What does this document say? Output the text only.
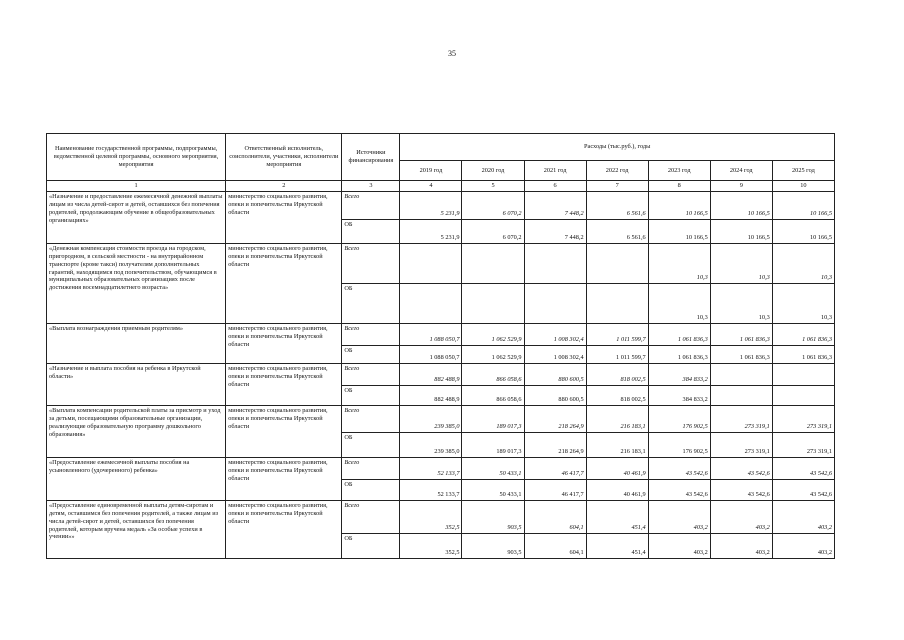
35
Наименование государственной программы, подпрограммы, ведомственной целевой программы, основного мероприятия, мероприятия	Ответственный исполнитель, соисполнители, участники, исполнители мероприятия	Источники финансирования	Расходы (тыс.руб.), годы						
			2019 год	2020 год	2021 год	2022 год	2023 год	2024 год	2025 год
1	2	3	4	5	6	7	8	9	10
«Назначение и предоставление ежемесячной денежной выплаты лицам из числа детей-сирот и детей, оставшихся без попечения родителей, продолжающим обучение в общеобразовательных организациях»	министерство социального развития, опеки и попечительства Иркутской области	Всего	5 231,9	6 070,2	7 448,2	6 561,6	10 166,5	10 166,5	10 166,5
		ОБ	5 231,9	6 070,2	7 448,2	6 561,6	10 166,5	10 166,5	10 166,5
«Денежная компенсация стоимости проезда на городском, пригородном, в сельской местности - на внутрирайонном транспорте (кроме такси) получателям дополнительных гарантий, находящимся под попечительством, обучающимся в муниципальных образовательных организациях после достижения восемнадцатилетнего возраста»	министерство социального развития, опеки и попечительства Иркутской области	Всего					10,3	10,3	10,3
		ОБ					10,3	10,3	10,3
«Выплата вознаграждения приемным родителям»	министерство социального развития, опеки и попечительства Иркутской области	Всего	1 088 050,7	1 062 529,9	1 008 302,4	1 011 599,7	1 061 836,3	1 061 836,3	1 061 836,3
		ОБ	1 088 050,7	1 062 529,9	1 008 302,4	1 011 599,7	1 061 836,3	1 061 836,3	1 061 836,3
«Назначение и выплата пособия на ребенка в Иркутской области»	министерство социального развития, опеки и попечительства Иркутской области	Всего	882 488,9	866 058,6	880 600,5	818 002,5	384 833,2		
		ОБ	882 488,9	866 058,6	880 600,5	818 002,5	384 833,2		
«Выплата компенсации родительской платы за присмотр и уход за детьми, посещающими образовательные организации, реализующие образовательную программу дошкольного образования»	министерство социального развития, опеки и попечительства Иркутской области	Всего	239 385,0	189 017,3	218 264,9	216 183,1	176 902,5	273 319,1	273 319,1
		ОБ	239 385,0	189 017,3	218 264,9	216 183,1	176 902,5	273 319,1	273 319,1
«Предоставление ежемесячной выплаты пособия на усыновленного (удочеренного) ребенка»	министерство социального развития, опеки и попечительства Иркутской области	Всего	52 133,7	50 433,1	46 417,7	40 461,9	43 542,6	43 542,6	43 542,6
		ОБ	52 133,7	50 433,1	46 417,7	40 461,9	43 542,6	43 542,6	43 542,6
«Предоставление единовременной выплаты детям-сиротам и детям, оставшимся без попечения родителей, а также лицам из числа детей-сирот и детей, оставшихся без попечения родителей, которым вручена медаль «За особые успехи в учении»»	министерство социального развития, опеки и попечительства Иркутской области	Всего	352,5	903,5	604,1	451,4	403,2	403,2	403,2
		ОБ	352,5	903,5	604,1	451,4	403,2	403,2	403,2
